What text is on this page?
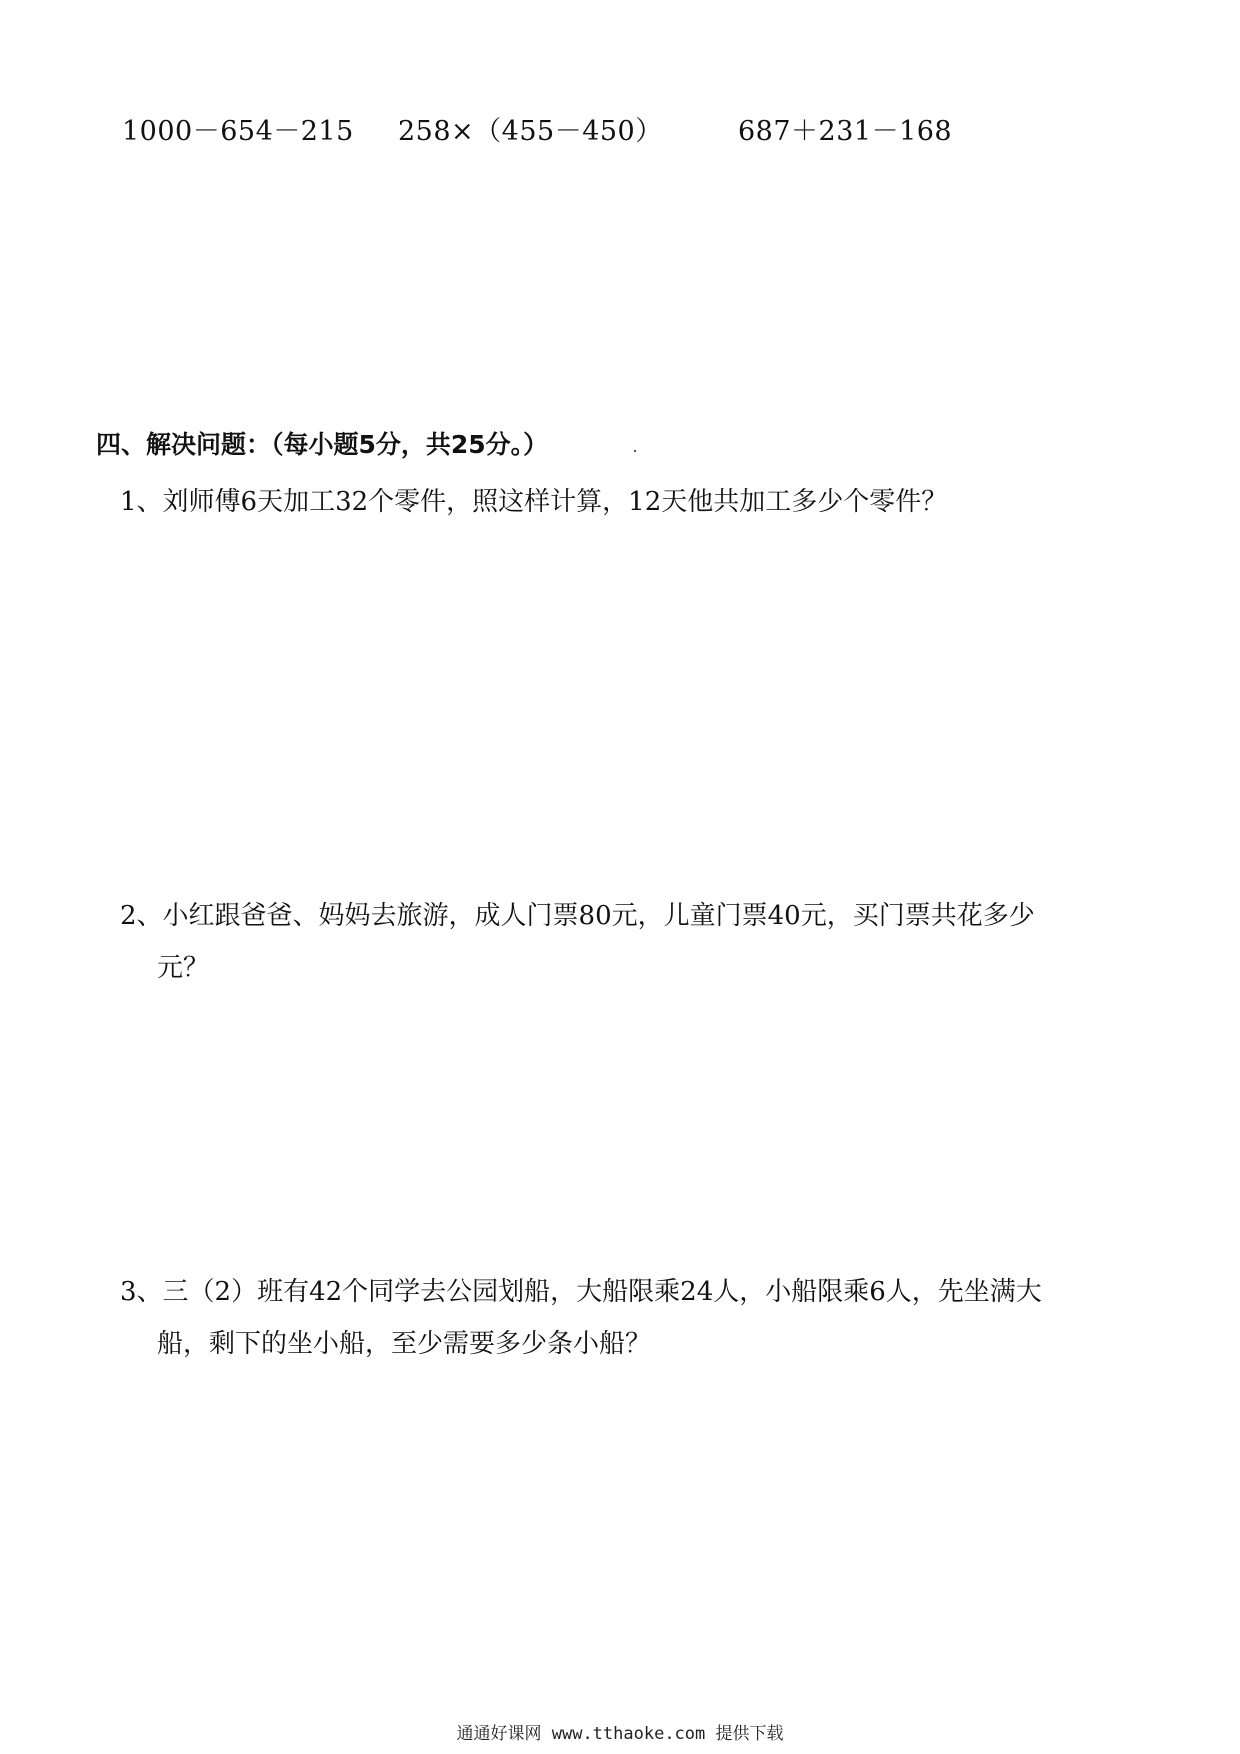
1000－654－215 258×（455－450）	687＋231－168
四、解决问题：（每小题5分，共25分。）
1、刘师傅6天加工32个零件，照这样计算，12天他共加工多少个零件？
2、小红跟爸爸、妈妈去旅游，成人门票80元，儿童门票40元，买门票共花多少
元？
3、三（2）班有42个同学去公园划船，大船限乘24人，小船限乘6人，先坐满大
船，剩下的坐小船，至少需要多少条小船？
通通好课网 www.tthaoke.com 提供下载
